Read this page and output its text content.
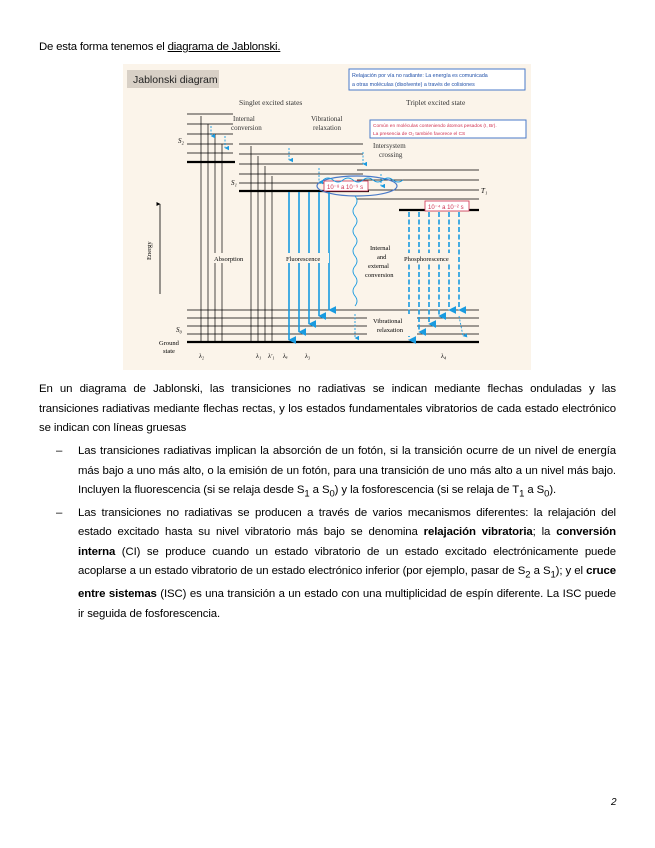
De esta forma tenemos el diagrama de Jablonski.
Jablonski diagram	Relajación por vía no radiante: La energía es comunicada
a otras moléculas (disolvente) a través de colisiones
Singlet excited states	Triplet excited state
Común en moléculas conteniendo átomos pesados (I, Br).
La presencia de O₂ también favorece el CS
Internal
conversion
Vibrational
relaxation
Intersystem
crossing
S₂
S₁
T₁
10⁻⁸ a 10⁻⁹ s
10⁻⁴ a 10⁻² s
S₀
Ground
state
Energy	Absorption	Fluorescence
Internal
and
external
conversion
Phosphorescence
Vibrational
relaxation
λ₂	λ₁ λ′₁ λₑ	λ₃	λ₄
En un diagrama de Jablonski, las transiciones no radiativas se indican mediante flechas onduladas y las transiciones radiativas mediante flechas rectas, y los estados fundamentales vibratorios de cada estado electrónico se indican con líneas gruesas
– Las transiciones radiativas implican la absorción de un fotón, si la transición ocurre de un nivel de energía más bajo a uno más alto, o la emisión de un fotón, para una transición de uno más alto a un nivel más bajo. Incluyen la fluorescencia (si se relaja desde $S_1$ a $S_0$) y la fosforescencia (si se relaja de $T_1$ a $S_0$).
– Las transiciones no radiativas se producen a través de varios mecanismos diferentes: la relajación del estado excitado hasta su nivel vibratorio más bajo se denomina relajación vibratoria; la conversión interna (CI) se produce cuando un estado vibratorio de un estado excitado electrónicamente puede acoplarse a un estado vibratorio de un estado electrónico inferior (por ejemplo, pasar de $S_2$ a $S_1$); y el cruce entre sistemas (ISC) es una transición a un estado con una multiplicidad de espín diferente. La ISC puede ir seguida de fosforescencia.
2
